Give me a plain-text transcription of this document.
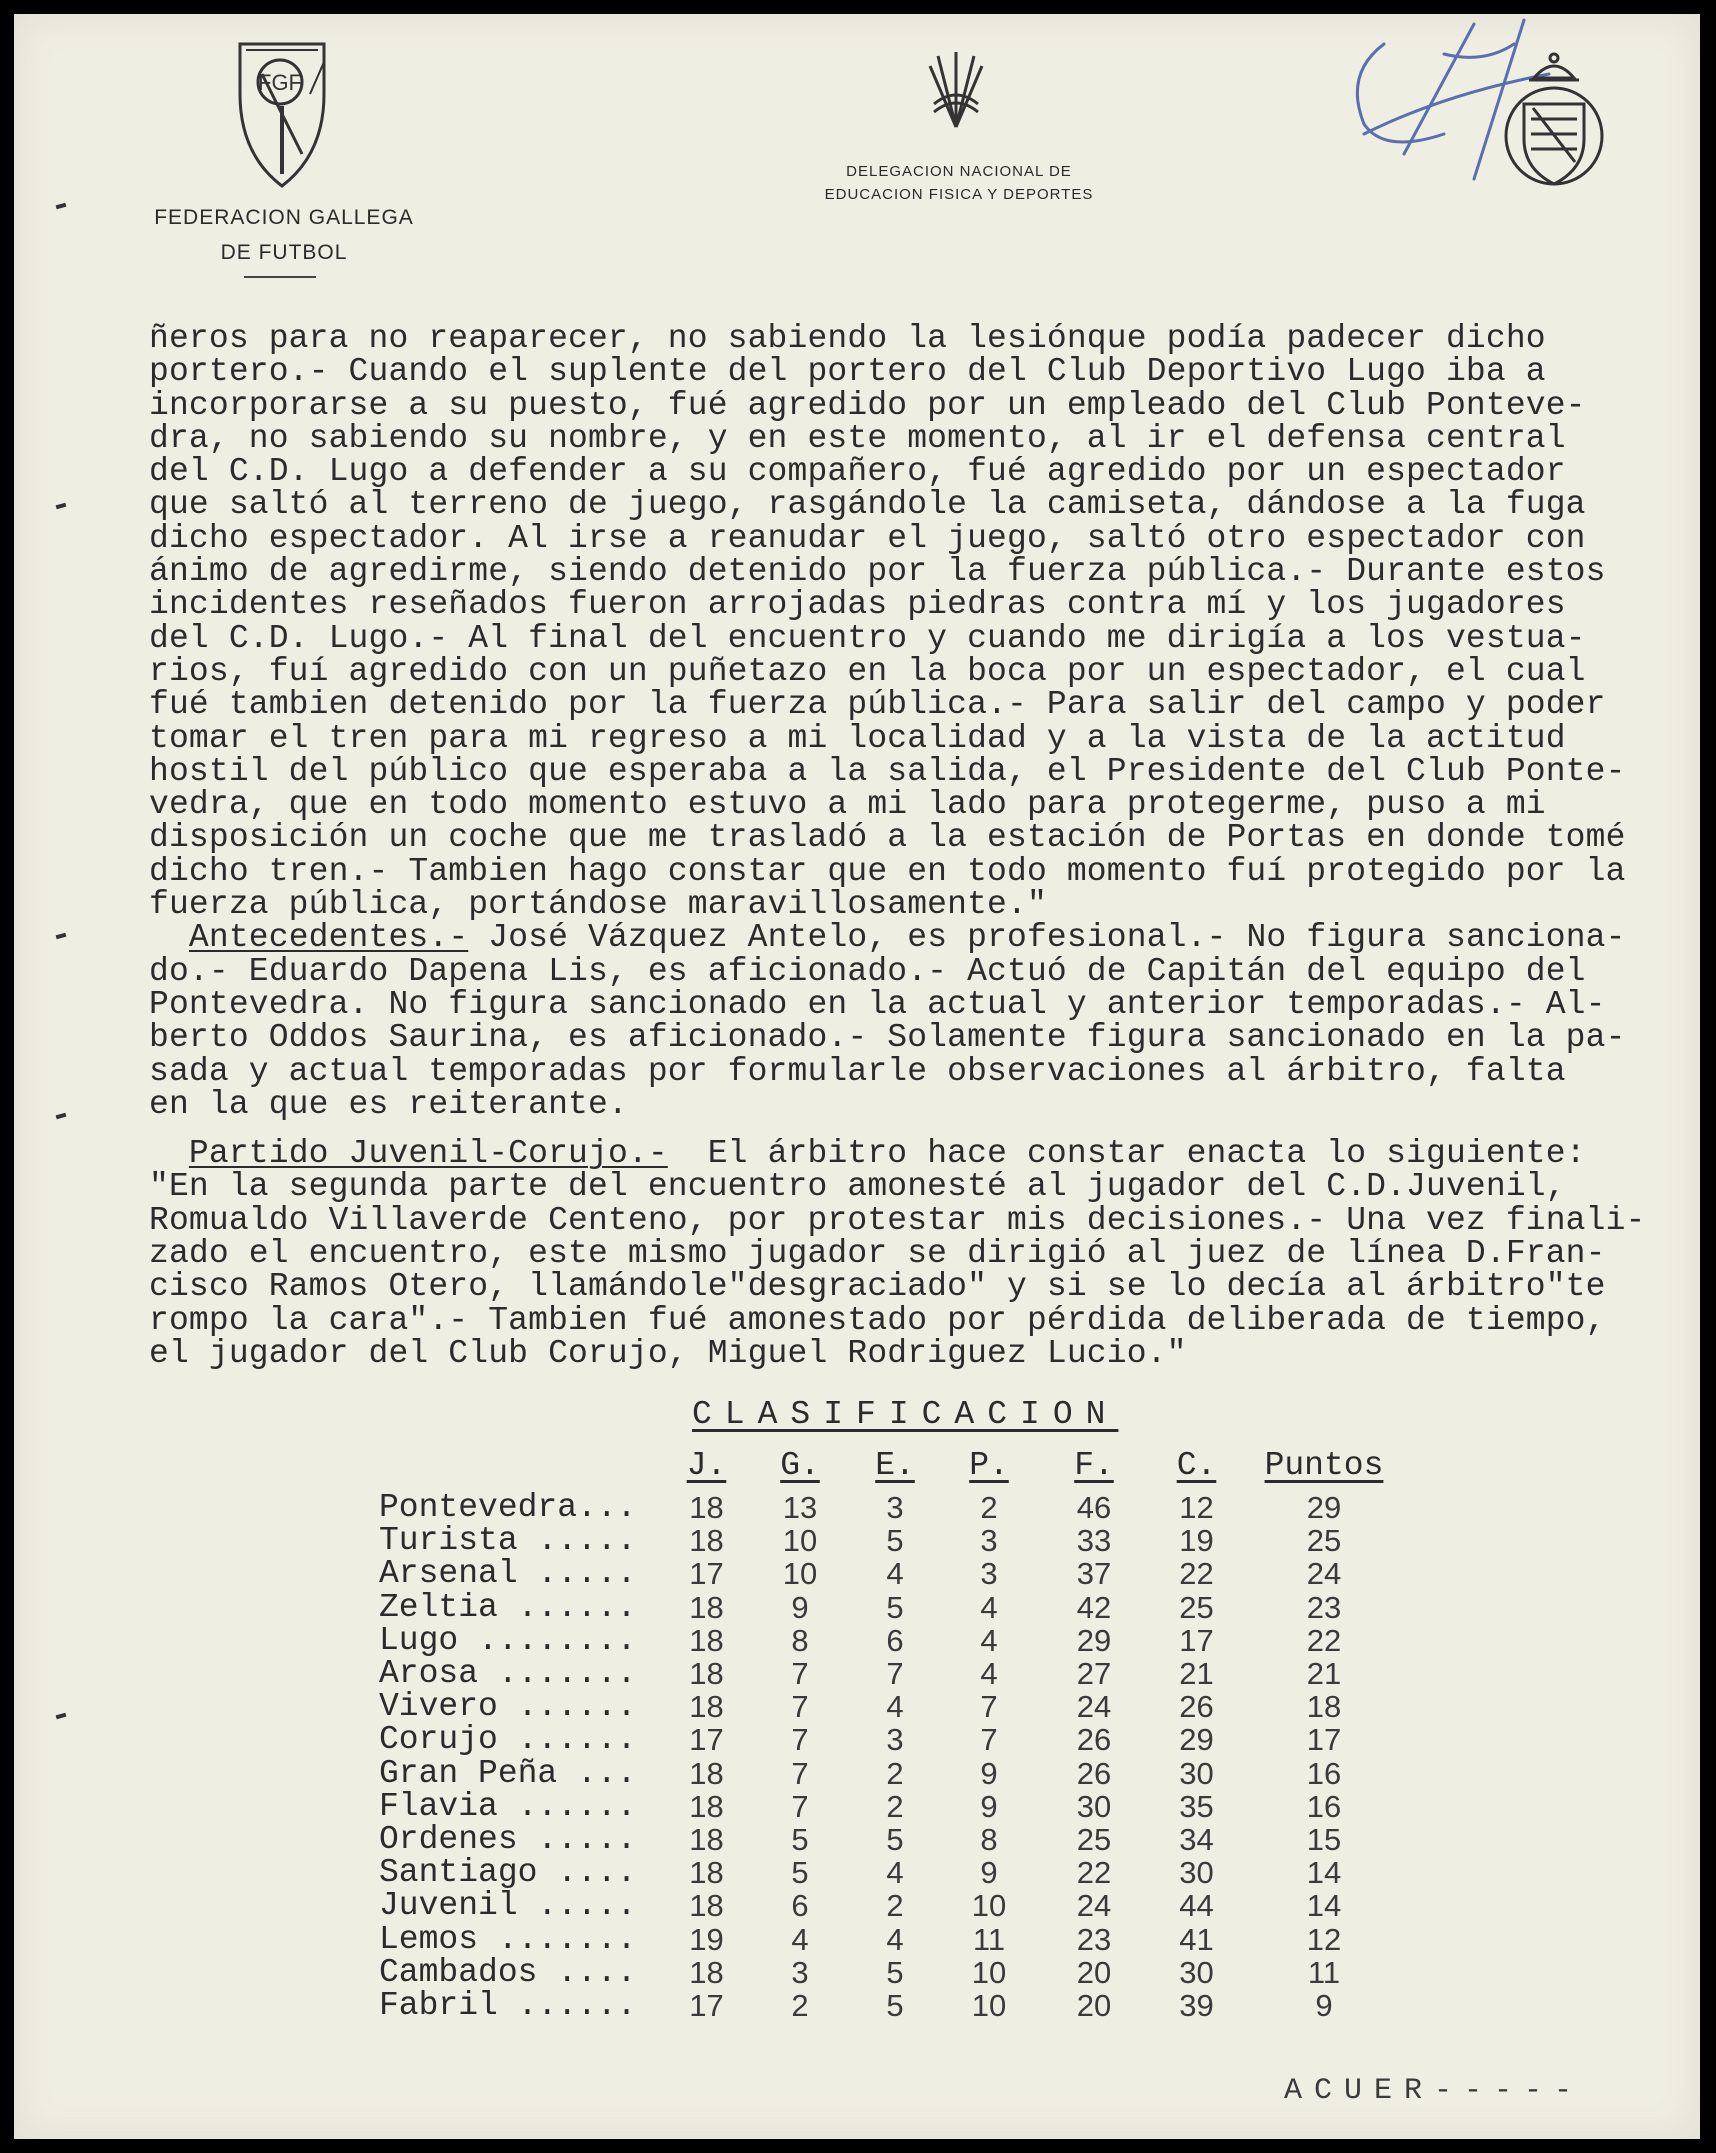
FGF
FEDERACION GALLEGA
DE FUTBOL
DELEGACION NACIONAL DE
EDUCACION FISICA Y DEPORTES
ñeros para no reaparecer, no sabiendo la lesiónque podía padecer dicho
portero.- Cuando el suplente del portero del Club Deportivo Lugo iba a
incorporarse a su puesto, fué agredido por un empleado del Club Ponteve-
dra, no sabiendo su nombre, y en este momento, al ir el defensa central
del C.D. Lugo a defender a su compañero, fué agredido por un espectador
que saltó al terreno de juego, rasgándole la camiseta, dándose a la fuga
dicho espectador. Al irse a reanudar el juego, saltó otro espectador con
ánimo de agredirme, siendo detenido por la fuerza pública.- Durante estos
incidentes reseñados fueron arrojadas piedras contra mí y los jugadores
del C.D. Lugo.- Al final del encuentro y cuando me dirigía a los vestua-
rios, fuí agredido con un puñetazo en la boca por un espectador, el cual
fué tambien detenido por la fuerza pública.- Para salir del campo y poder
tomar el tren para mi regreso a mi localidad y a la vista de la actitud
hostil del público que esperaba a la salida, el Presidente del Club Ponte-
vedra, que en todo momento estuvo a mi lado para protegerme, puso a mi
disposición un coche que me trasladó a la estación de Portas en donde tomé
dicho tren.- Tambien hago constar que en todo momento fuí protegido por la
fuerza pública, portándose maravillosamente."
Antecedentes.- José Vázquez Antelo, es profesional.- No figura sanciona-
do.- Eduardo Dapena Lis, es aficionado.- Actuó de Capitán del equipo del
Pontevedra. No figura sancionado en la actual y anterior temporadas.- Al-
berto Oddos Saurina, es aficionado.- Solamente figura sancionado en la pa-
sada y actual temporadas por formularle observaciones al árbitro, falta
en la que es reiterante.
Partido Juvenil-Corujo.-  El árbitro hace constar enacta lo siguiente:
"En la segunda parte del encuentro amonesté al jugador del C.D.Juvenil,
Romualdo Villaverde Centeno, por protestar mis decisiones.- Una vez finali-
zado el encuentro, este mismo jugador se dirigió al juez de línea D.Fran-
cisco Ramos Otero, llamándole"desgraciado" y si se lo decía al árbitro"te
rompo la cara".- Tambien fué amonestado por pérdida deliberada de tiempo,
el jugador del Club Corujo, Miguel Rodriguez Lucio."
CLASIFICACION
	J.	G.	E.	P.	F.	C.	Puntos
Pontevedra...	18	13	3	2	46	12	29
Turista .....	18	10	5	3	33	19	25
Arsenal .....	17	10	4	3	37	22	24
Zeltia ......	18	9	5	4	42	25	23
Lugo ........	18	8	6	4	29	17	22
Arosa .......	18	7	7	4	27	21	21
Vivero ......	18	7	4	7	24	26	18
Corujo ......	17	7	3	7	26	29	17
Gran Peña ...	18	7	2	9	26	30	16
Flavia ......	18	7	2	9	30	35	16
Ordenes .....	18	5	5	8	25	34	15
Santiago ....	18	5	4	9	22	30	14
Juvenil .....	18	6	2	10	24	44	14
Lemos .......	19	4	4	11	23	41	12
Cambados ....	18	3	5	10	20	30	11
Fabril ......	17	2	5	10	20	39	9
ACUER-----
